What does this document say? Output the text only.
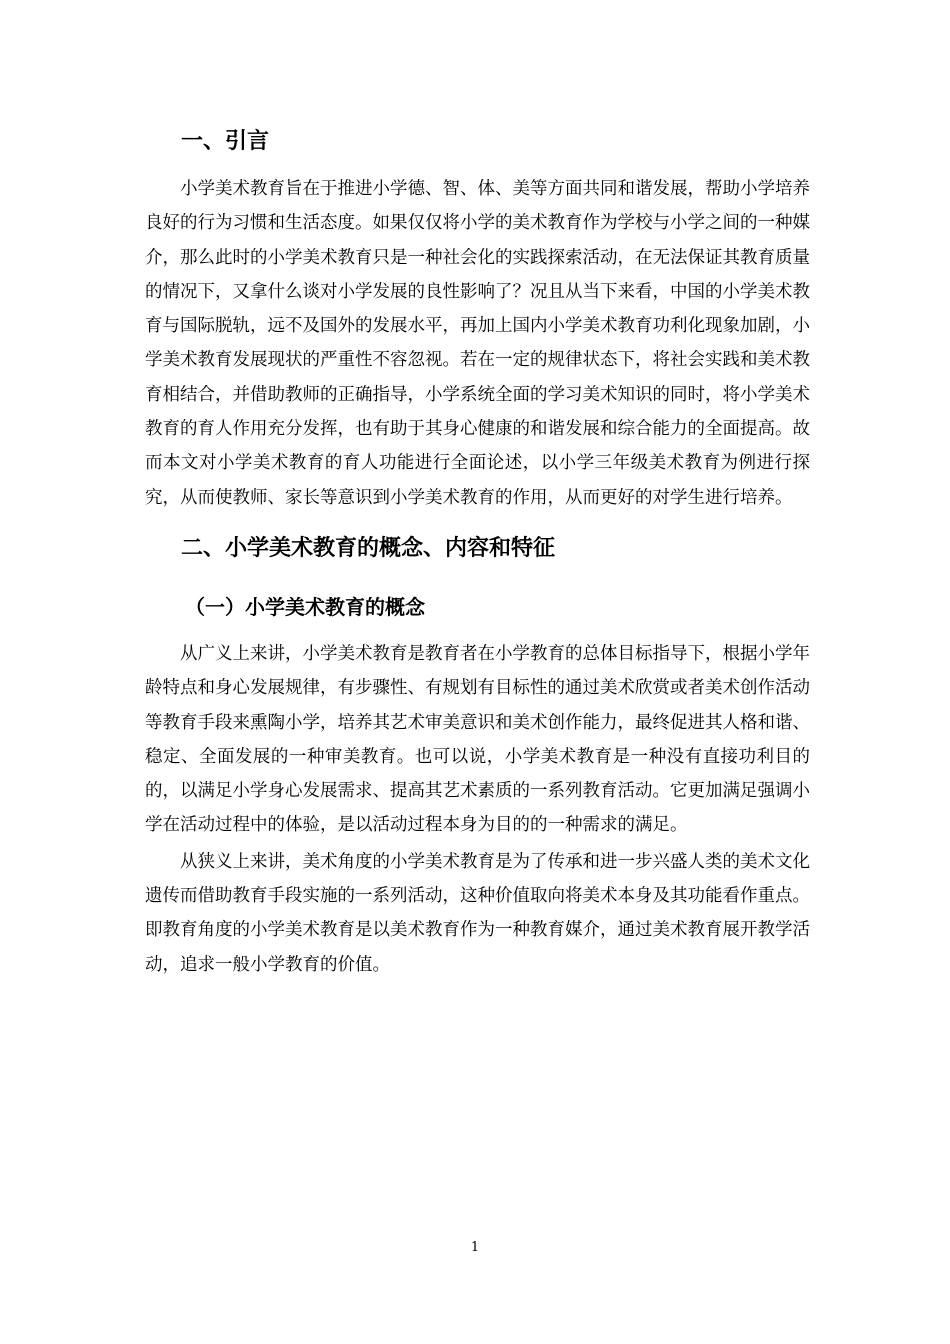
一、引言

小学美术教育旨在于推进小学德、智、体、美等方面共同和谐发展，帮助小学培养良好的行为习惯和生活态度。如果仅仅将小学的美术教育作为学校与小学之间的一种媒介，那么此时的小学美术教育只是一种社会化的实践探索活动，在无法保证其教育质量的情况下，又拿什么谈对小学发展的良性影响了？况且从当下来看，中国的小学美术教育与国际脱轨，远不及国外的发展水平，再加上国内小学美术教育功利化现象加剧，小学美术教育发展现状的严重性不容忽视。若在一定的规律状态下，将社会实践和美术教育相结合，并借助教师的正确指导，小学系统全面的学习美术知识的同时，将小学美术教育的育人作用充分发挥，也有助于其身心健康的和谐发展和综合能力的全面提高。故而本文对小学美术教育的育人功能进行全面论述，以小学三年级美术教育为例进行探究，从而使教师、家长等意识到小学美术教育的作用，从而更好的对学生进行培养。

二、小学美术教育的概念、内容和特征
（一）小学美术教育的概念

从广义上来讲，小学美术教育是教育者在小学教育的总体目标指导下，根据小学年龄特点和身心发展规律，有步骤性、有规划有目标性的通过美术欣赏或者美术创作活动等教育手段来熏陶小学，培养其艺术审美意识和美术创作能力，最终促进其人格和谐、稳定、全面发展的一种审美教育。也可以说，小学美术教育是一种没有直接功利目的的，以满足小学身心发展需求、提高其艺术素质的一系列教育活动。它更加满足强调小学在活动过程中的体验，是以活动过程本身为目的的一种需求的满足。

从狭义上来讲，美术角度的小学美术教育是为了传承和进一步兴盛人类的美术文化遗传而借助教育手段实施的一系列活动，这种价值取向将美术本身及其功能看作重点。即教育角度的小学美术教育是以美术教育作为一种教育媒介，通过美术教育展开教学活动，追求一般小学教育的价值。

1
